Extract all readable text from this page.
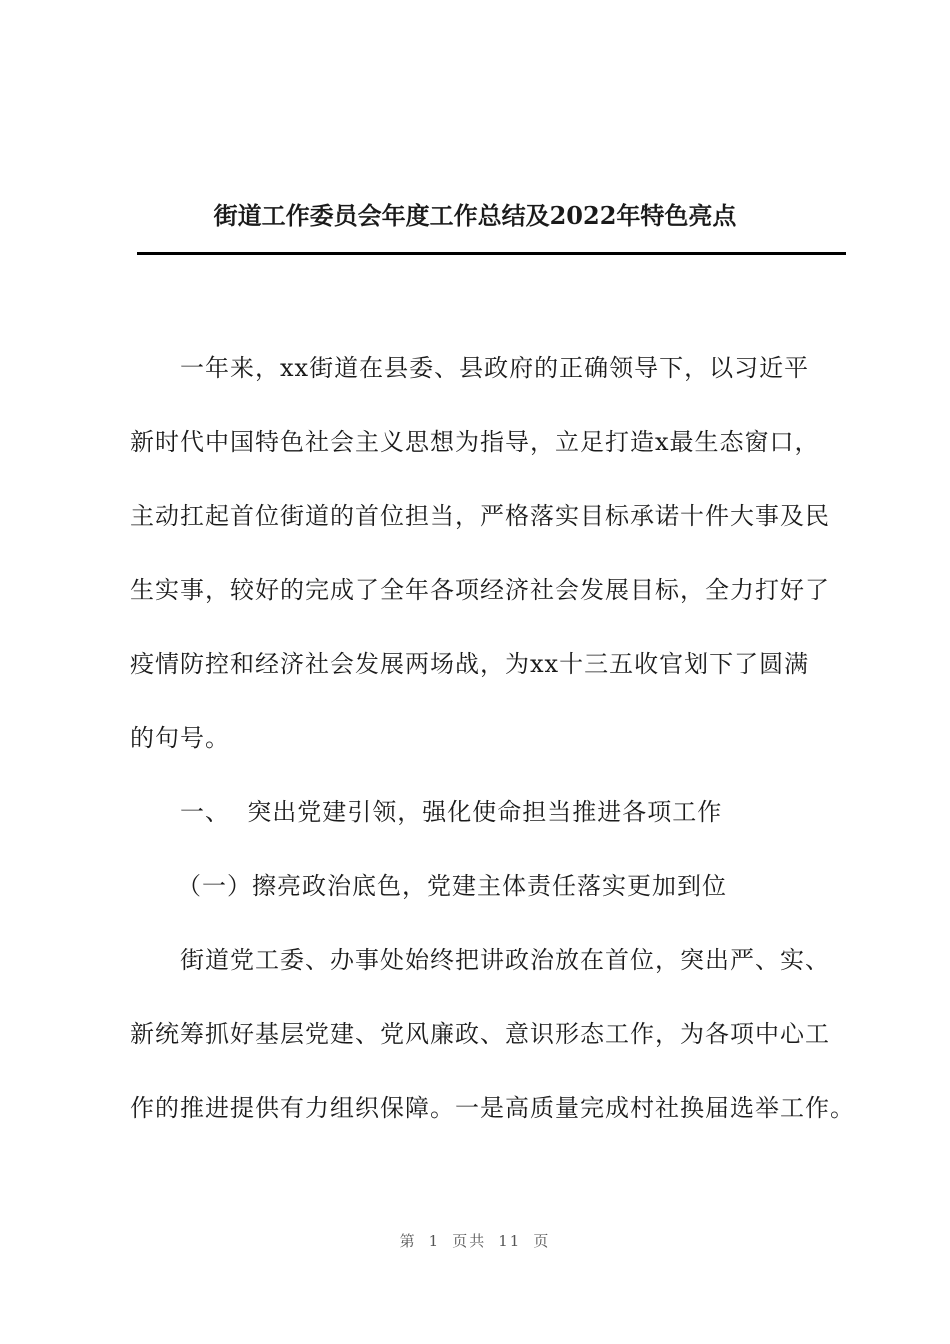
街道工作委员会年度工作总结及2022年特色亮点
一年来，xx街道在县委、县政府的正确领导下，以习近平
新时代中国特色社会主义思想为指导，立足打造x最生态窗口，
主动扛起首位街道的首位担当，严格落实目标承诺十件大事及民
生实事，较好的完成了全年各项经济社会发展目标，全力打好了
疫情防控和经济社会发展两场战，为xx十三五收官划下了圆满
的句号。
一、  突出党建引领，强化使命担当推进各项工作
（一）擦亮政治底色，党建主体责任落实更加到位
街道党工委、办事处始终把讲政治放在首位，突出严、实、
新统筹抓好基层党建、党风廉政、意识形态工作，为各项中心工
作的推进提供有力组织保障。一是高质量完成村社换届选举工作。
第 1 页共 11 页
